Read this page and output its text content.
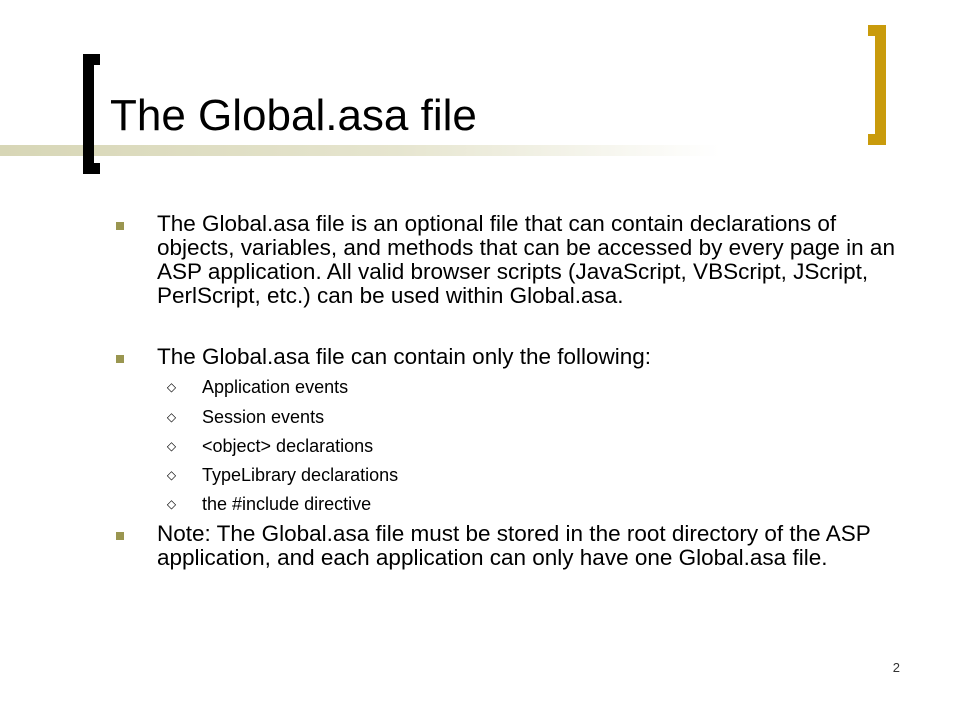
The Global.asa file
The Global.asa file is an optional file that can contain declarations of objects, variables, and methods that can be accessed by every page in an ASP application. All valid browser scripts (JavaScript, VBScript, JScript, PerlScript, etc.) can be used within Global.asa.
The Global.asa file can contain only the following:
◇ Application events
◇ Session events
◇ <object> declarations
◇ TypeLibrary declarations
◇ the #include directive
Note: The Global.asa file must be stored in the root directory of the ASP application, and each application can only have one Global.asa file.
2
